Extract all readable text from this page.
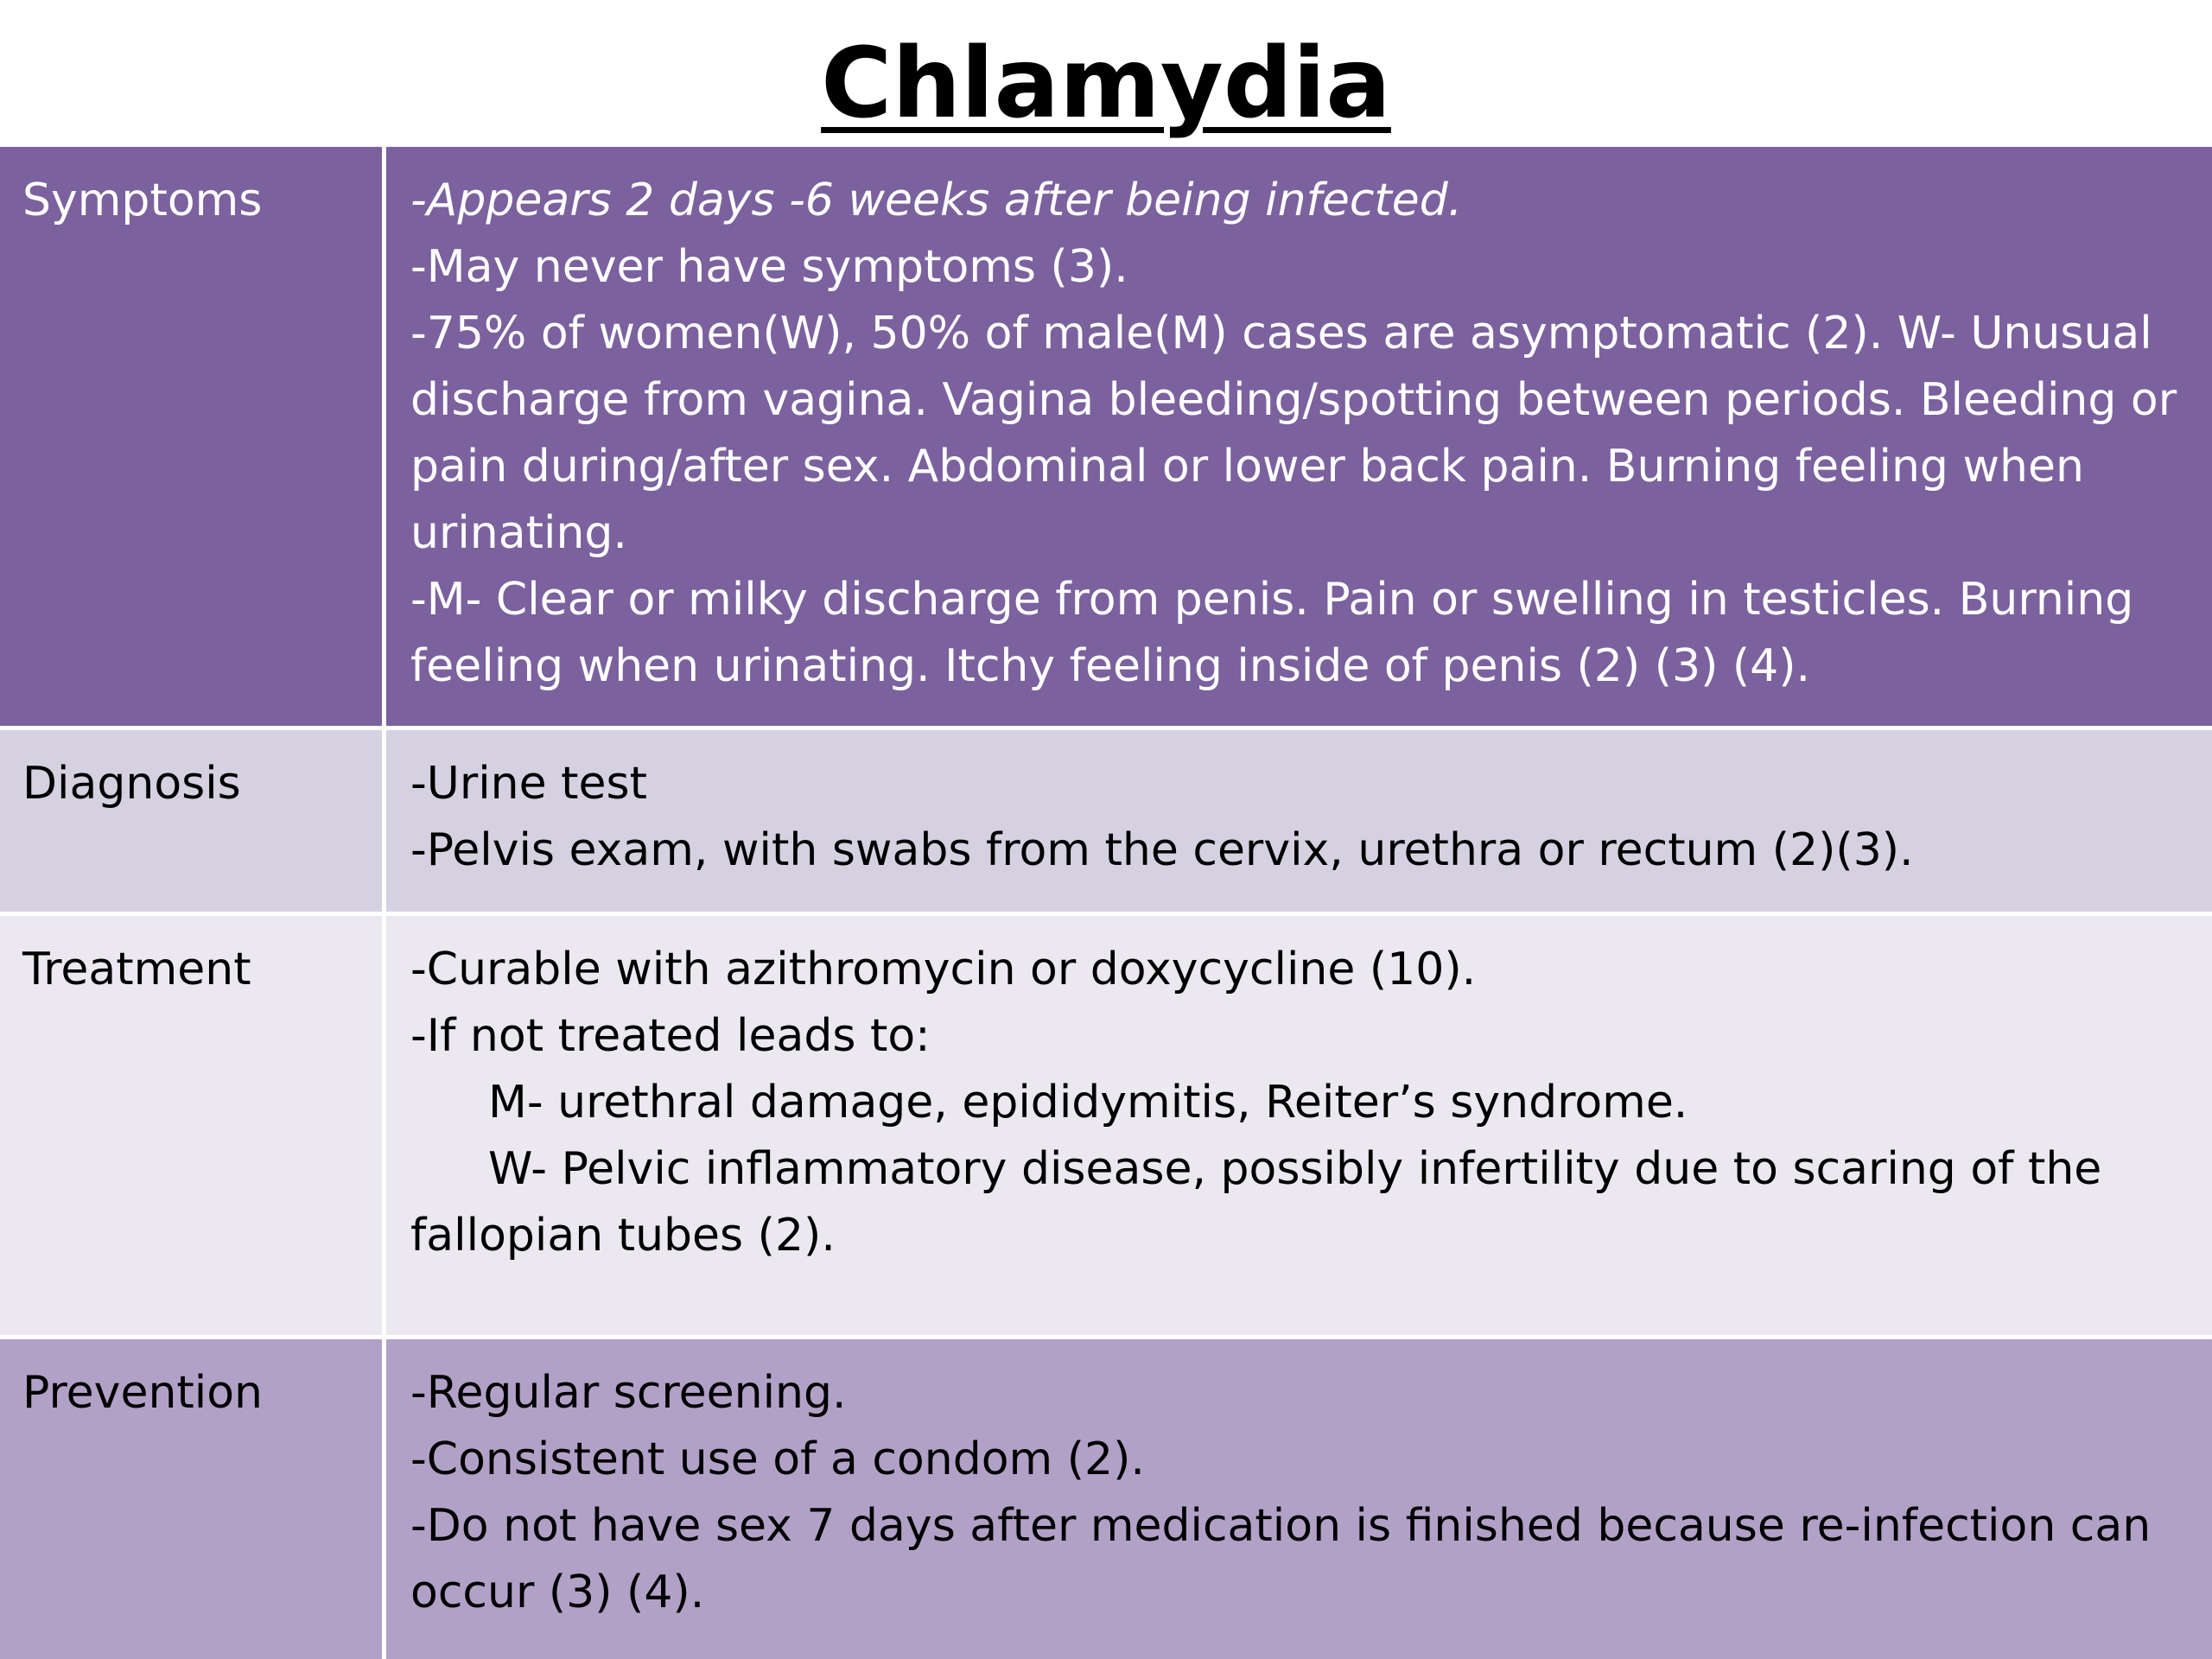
Chlamydia
Symptoms	-Appears 2 days -6 weeks after being infected.
-May never have symptoms (3).
-75% of women(W), 50% of male(M) cases are asymptomatic (2). W- Unusual discharge from vagina. Vagina bleeding/spotting between periods. Bleeding or pain during/after sex. Abdominal or lower back pain. Burning feeling when urinating.
-M- Clear or milky discharge from penis. Pain or swelling in testicles. Burning feeling when urinating. Itchy feeling inside of penis (2) (3) (4).
Diagnosis	-Urine test
-Pelvis exam, with swabs from the cervix, urethra or rectum (2)(3).
Treatment	-Curable with azithromycin or doxycycline (10).
-If not treated leads to:
M- urethral damage, epididymitis, Reiter’s syndrome.
W- Pelvic inflammatory disease, possibly infertility due to scaring of the fallopian tubes (2).
Prevention	-Regular screening.
-Consistent use of a condom (2).
-Do not have sex 7 days after medication is finished because re-infection can occur (3) (4).
